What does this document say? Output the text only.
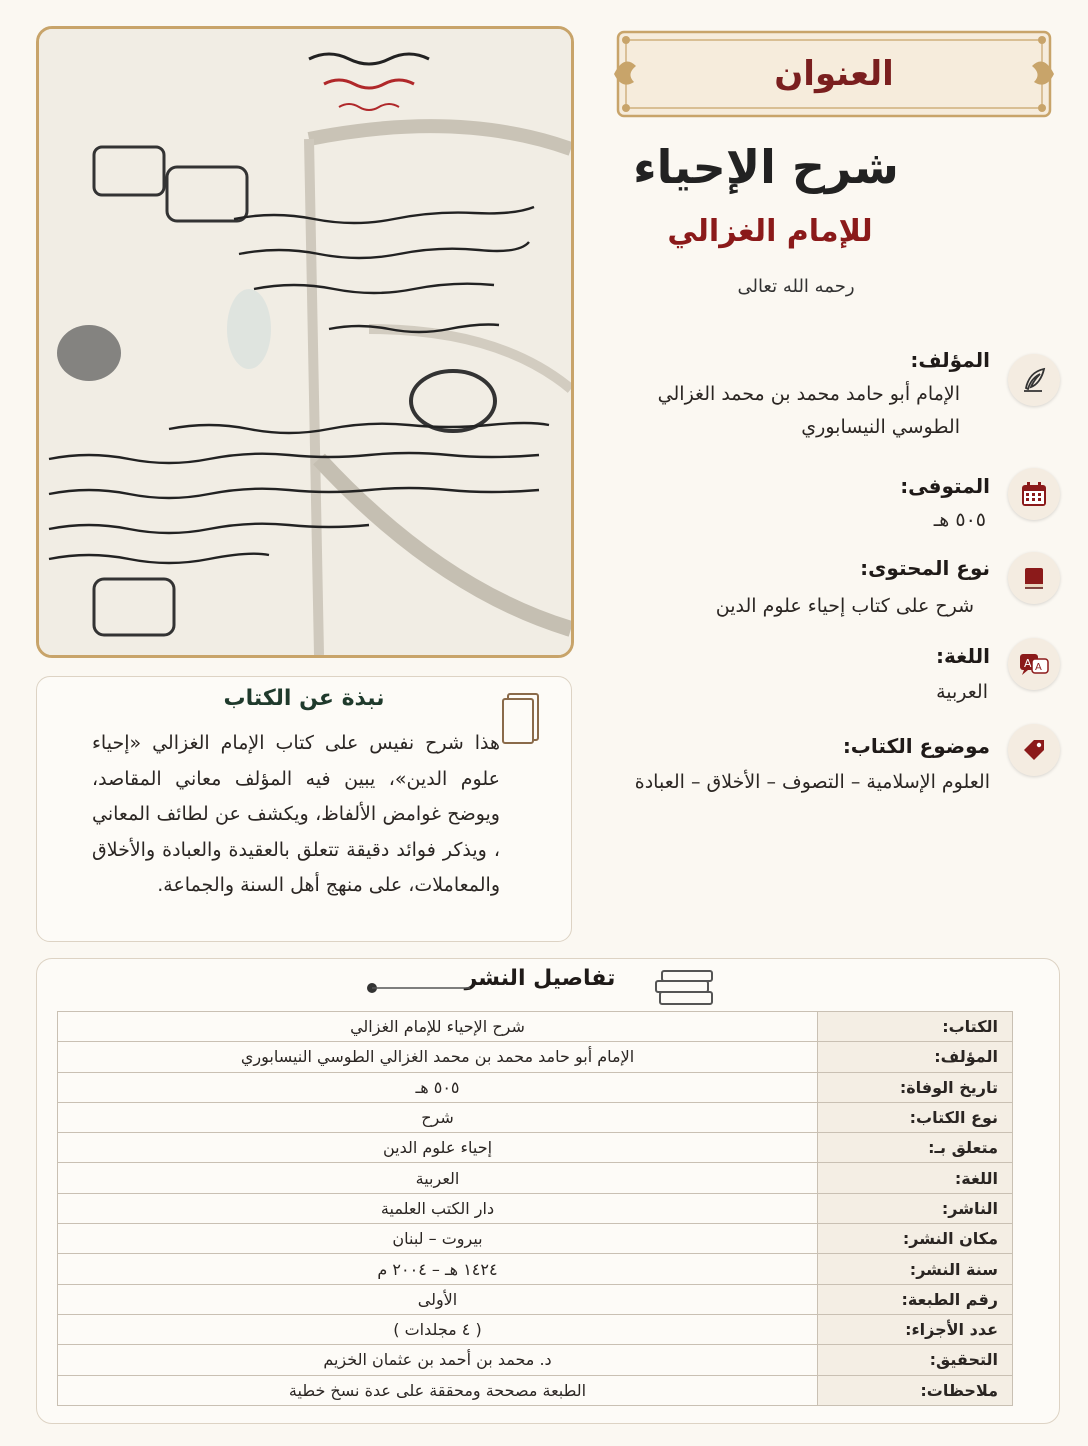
العنوان
شرح الإحياء
للإمام الغزالي
رحمه الله تعالى
المؤلف:
الإمام أبو حامد محمد بن محمد الغزالي
الطوسي النيسابوري
المتوفى:
٥٠٥ هـ
نوع المحتوى:
شرح على كتاب إحياء علوم الدين
A A
اللغة:
العربية
موضوع الكتاب:
العلوم الإسلامية – التصوف – الأخلاق – العبادة
نبذة عن الكتاب
هذا شرح نفيس على كتاب الإمام الغزالي «إحياء علوم الدين»، يبين فيه المؤلف معاني المقاصد، ويوضح غوامض الألفاظ، ويكشف عن لطائف المعاني ، ويذكر فوائد دقيقة تتعلق بالعقيدة والعبادة والأخلاق والمعاملات، على منهج أهل السنة والجماعة.
تفاصيل النشر
الكتاب:	شرح الإحياء للإمام الغزالي
المؤلف:	الإمام أبو حامد محمد بن محمد الغزالي الطوسي النيسابوري
تاريخ الوفاة:	٥٠٥ هـ
نوع الكتاب:	شرح
متعلق بـ:	إحياء علوم الدين
اللغة:	العربية
الناشر:	دار الكتب العلمية
مكان النشر:	بيروت – لبنان
سنة النشر:	١٤٢٤ هـ – ٢٠٠٤ م
رقم الطبعة:	الأولى
عدد الأجزاء:	( ٤ مجلدات )
التحقيق:	د. محمد بن أحمد بن عثمان الخزيم
ملاحظات:	الطبعة مصححة ومحققة على عدة نسخ خطية
